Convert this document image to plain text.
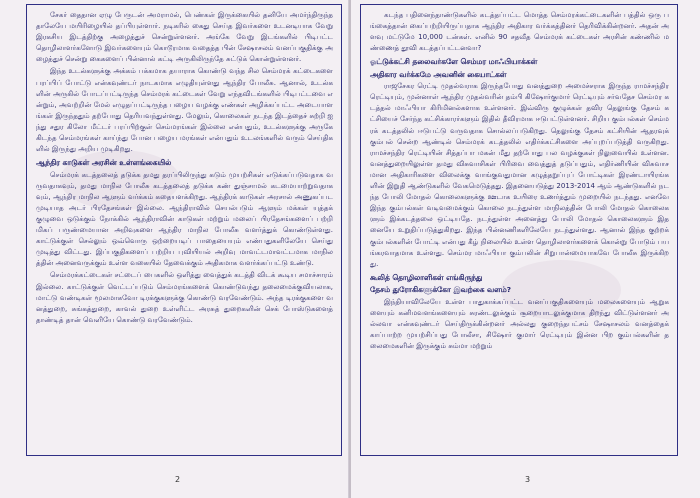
சேகர் தைதான ஏழு பேருடன் அமராமல், பெண்கள் இருக்கையில் தனியே அமர்ந்திருந்ததாலேயே மயிரிழையில் தப்பியுள்ளார். நடிகரில் கைது செய்த இவர்களை உடனடியாக வேறு இரகசிய இடத்திற்கு அழைத்துச் சென்றுள்ளனர். அங்கே வேறு இடங்களில் பிடிபட்ட தொழிலாளர்களோடு இவர்களையும் கொடூரமாக வதைத்த பின் சேஷாசலம் வனப்பகுதிக்கு அழைத்துச் சென்று கைகளைப் பின்னால் கட்டி அருகிலிருந்தே சுட்டுக் கொன்றுள்ளனர்.

இந்த உடல்களுக்கு அக்கம் பக்கமாக தயாராக கொண்டு வந்த சில செம்மரக் கட்டைகளை பரப்பிப் போட்டு என்கவுண்டர் நாடகமாக எழுதியுள்ளது ஆந்திர போலீசு. ஆனால், உடல்களின் அருகில் போடப்பட்டிருந்த செம்மரக் கட்டைகள் வேறு எந்தவிடங்களில் பிடிபட்டவை என்றும், அவற்றின் மேல் எழுதப்பட்டிருந்த பழைய வழக்கு எண்கள் அழிக்கப்பட்ட அடையாளங்கள் இருந்ததும் தற்போது தெரியவந்துள்ளது. மேலும், கொலைகள் நடந்த இடத்தைச் சுற்றி ஐந்து சதுர கிலோ மீட்டர் பரப்பிற்குள் செம்மரங்கள் இல்லை என்பதும், உடல்களுக்கு அருகே கிடந்த செம்மரங்கள் காய்ந்து போன பழைய மரங்கள் என்பதும் உடலங்களில் வரும் செய்திகளில் இருந்து அறிய முடிகிறது.

ஆந்திர காடுகள் அரசின் உள்ளங்கையில்

செம்மரக் கடத்தலைத் தடுக்க தமது தரப்பிலிருந்து கடும் முயற்சிகள் எடுக்கப்படுவதாக வருவதாகவும், தமது மாநில போலீசு கடத்தலைத் தடுக்க கண் துஞ்சாமல் கடமையாற்றுவதாகவும், ஆந்திர மாநில ஆளும் வர்க்கம் கதையளக்கிறது. ஆந்திரக் காடுகள் அரசால் அணுகப்பட முடியாத அடர் பிரதேசங்கள் இல்லை. ஆந்திராவில் செயல்படும் ஆளும் மக்கள் யுத்தக் குழுவை ஒடுக்கும் நோக்கில் ஆந்திராவின் காடுகள் மற்றும் மலைப் பிரதேசங்களைப் பற்றி மிகப் பருண்மையான அறிவுகளை ஆந்திர மாநில போலீசு வளர்த்துக் கொண்டுள்ளது. காட்டுக்குள் செல்லும் ஒவ்வொரு ஒற்றையடிப் பாதையையும் எண்பதுகளிலேயே செய்து முடித்து விட்டது. இப்பகுதிகளைப் பற்றிய புவியியல் அறிவு மாவட்டமாவட்டமாக மாநிலத்தின் அனைவருக்கும் உள்ள வகையில் தேவைக்கும் அதிகமாக வளர்க்கப்பட்டு உண்டு.

செம்மரக்கட்டைகள் சட்டைப் பைகளில் ஒளித்து வைத்துக் கடத்தி விடக் கூடிய சமாச்சாரம் இல்லை. காட்டுக்குள் வெட்டப்படும் செம்மரங்களைக் கொண்டுவந்து தலைமைக்குவியலாக, மாட்டு வண்டிகள் மூலமாகவோ டிரக்குகளுக்கு கொண்டு வரவேண்டும். அந்த டிரக்குகளை வனத்துறை, சுங்கத்துறை, காவல் துறை உள்ளிட்ட அரசுத் துறைகளின் செக் போஸ்டுகளைத் தாண்டித் தான் வெளியே கொண்டு வரவேண்டும்.

2

கடந்த பதினைந்தாண்டுகளில் கடத்தப்பட்ட மொத்த செம்மரக்கட்டைகளின் பத்தில் ஒரு பங்கைத்தான் கைப்பற்றியிருப்பதாக ஆந்திர அதிகார வர்க்கத்தினர் தெரிவிக்கின்றனர். அதன் அளவு மட்டுமே 10,000 டன்கள். எனில் 90 சதவீத செம்மரக் கட்டைகள் அரசின் கண்ணில் மண்ணைத் தூவி கடத்தப்பட்டனவா?

ஓட்டுக்கட்சி தலைவர்களே செம்மர மாஃபியாக்கள்
அதிகார வர்க்கமே அவனின் கையாட்கள்

ராஜசேகர ரெட்டி முதல்வராக இருந்தபோது வனத்துறை அமைச்சராக இருந்த ராமச்சந்திர ரெட்டியும், முன்னாள் ஆந்திர முதல்வரின் தம்பி கிஷோர்குமார் ரெட்டியும் சர்வதேச செம்மர கடத்தல் மாஃபியா கிரிமினல்களாக உள்ளனர். இவ்விரு குழுக்கள் தவிர தெலுங்கு தேசம் கட்சியைச் சேர்ந்த கட்சிக்காரர்களும் இதில் தீவிரமாக ஈடுபட்டுள்ளனர். சிறிய கும்பல்கள் செம்மரக் கடத்தலில் ஈடுபட்டு வருவதாக சொல்லப்படுகிறது. தெலுங்கு தேசம் கட்சியின் ஆதரவுக் கும்பல் சென்ற ஆண்டில் செம்மரக் கடத்தலில் எதிர்க்கட்சிகளை அப்புறப்படுத்தி வருகிறது. ராமச்சந்திர ரெட்டியின் சித்தப்பா மகன் மீது தற்போது பல வழக்குகள் நிலுவையில் உள்ளன. வனத்துறையிலுள்ள தமது விசுவாசிகள் பிரிவை வைத்துத் தடுப்பதும், எதிர்ணியின் விசுவாசமான அதிகாரிகளை விலைக்கு வாங்குவதுமான கழுத்தறுப்புப் போட்டிகள் இரண்டாயிரங்களின் இறுதி ஆண்டுகளில் வேகமெடுத்தது. இதனையடுத்து 2013-2014 ஆம் ஆண்டுகளில் நடந்த போலி மோதல் கொலைகளுக்கு ஊடாக உயிரை உணர்த்தும் முறையில் நடந்தது. எனவே இந்த கும்பல்கள் வடிவமைக்கும் கொலை நடந்துள்ள மாநிலத்தின் போலி மோதல் கொலைகளும் இக்கடத்தலை ஒட்டியதே. நடந்துள்ள அனைத்து போலி மோதல் கொலைகளும் இதனையே உறுதிப்படுத்துகிறது. இந்த பின்னணிகளிலேயே நடந்துள்ளது. ஆனால் இந்த குற்றக் கும்பல்களின் போட்டி என்பது கீழ் நிலையில் உள்ள தொழிலாளர்களைக் கொன்று போடும் பயங்கரவாதமாக உள்ளது. செம்மர மாஃபியா கும்பலின் சிறுபான்மையாகவே போலீசு இருக்கிறது.

கூலித் தொழிலாளிகள் எங்கிருந்து
தேசம் துரோகிகளுக்கோ இவற்கை வளம்?

இந்தியாவிலேயே உள்ள பாதுகாக்கப்பட்ட வனப்பகுதிகளையும் மலைகளையும் ஆறுகளையும் கனிமவளங்களையும் சுரண்டலுக்கும் சூறையாடலுக்குமாக திறந்து விட்டுள்ளனர் அல்லவா என்கவுண்டர் செய்திருக்கின்றனர் அல்லது குறைந்தபட்சம் சேஷாசலம் வனத்தைக் காப்பாற்ற முயற்சிப்பது போலீசா, சிஷோர் குமார் ரெட்டியும் இன்ன பிற கும்பல்களின் தலைமைகளின் இருக்கும் சும்மா மற்றும்

3
